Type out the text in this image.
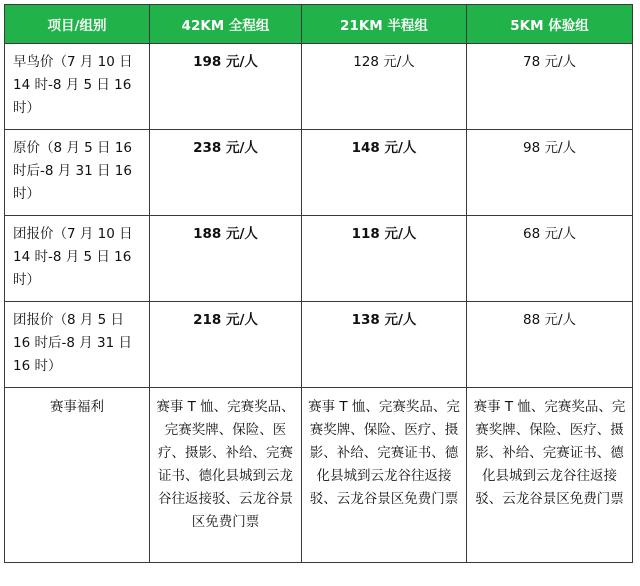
项目/组别	42KM 全程组	21KM 半程组	5KM 体验组
早鸟价（7 月 10 日 14 时-8 月 5 日 16 时）	198 元/人	128 元/人	78 元/人
原价（8 月 5 日 16 时后-8 月 31 日 16 时）	238 元/人	148 元/人	98 元/人
团报价（7 月 10 日 14 时-8 月 5 日 16 时）	188 元/人	118 元/人	68 元/人
团报价（8 月 5 日 16 时后-8 月 31 日 16 时）	218 元/人	138 元/人	88 元/人
赛事福利	赛事 T 恤、完赛奖品、完赛奖牌、保险、医疗、摄影、补给、完赛证书、德化县城到云龙谷往返接驳、云龙谷景区免费门票	赛事 T 恤、完赛奖品、完赛奖牌、保险、医疗、摄影、补给、完赛证书、德化县城到云龙谷往返接驳、云龙谷景区免费门票	赛事 T 恤、完赛奖品、完赛奖牌、保险、医疗、摄影、补给、完赛证书、德化县城到云龙谷往返接驳、云龙谷景区免费门票
